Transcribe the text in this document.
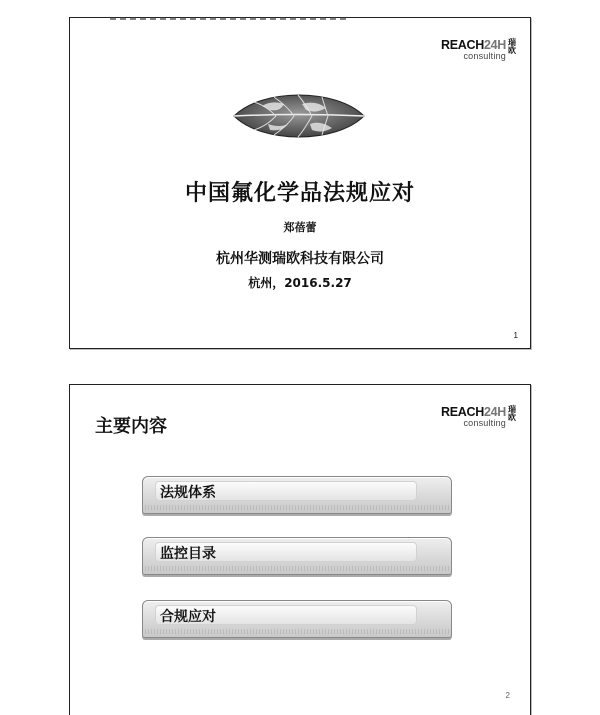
REACH24H
consulting
瑞欧
中国氟化学品法规应对
郑蓓蕾
杭州华测瑞欧科技有限公司
杭州，2016.5.27
1
REACH24H
consulting
瑞欧
主要内容
法规体系
监控目录
合规应对
2
